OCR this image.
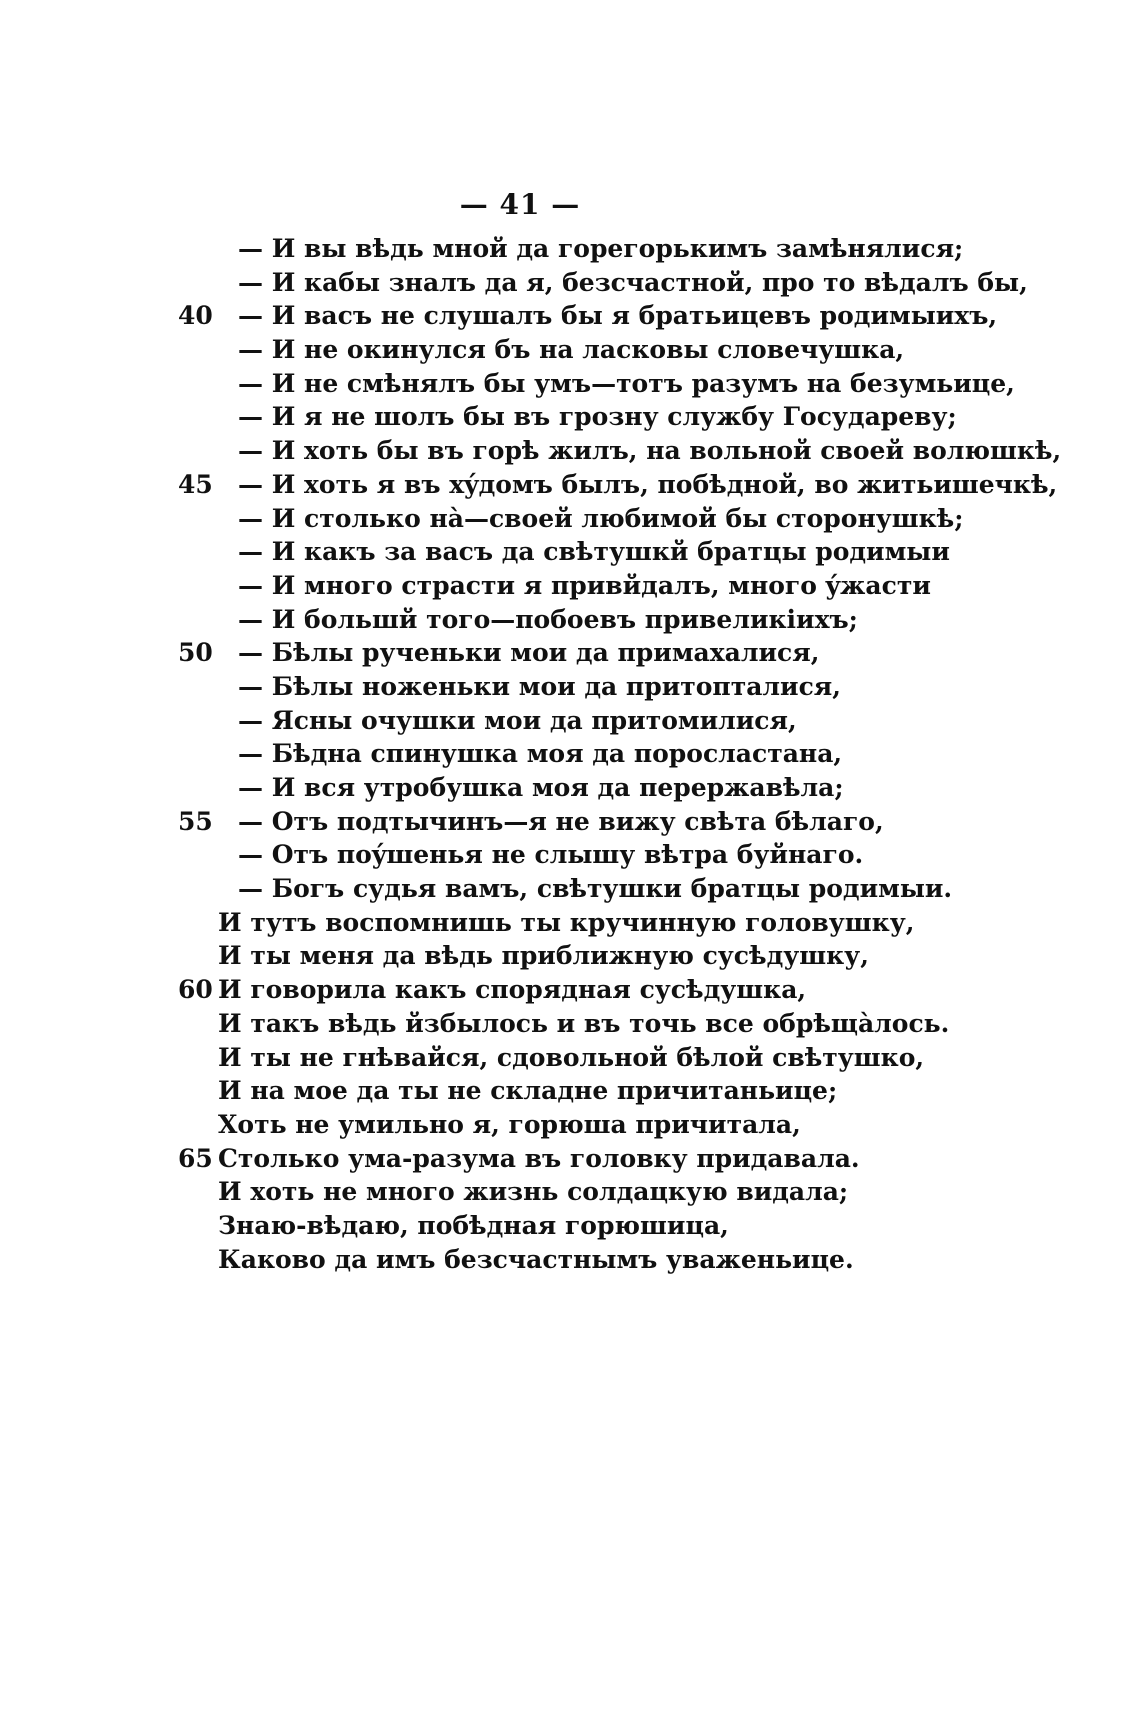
— 41 —
— И вы вѣдь мной да горегорькимъ замѣнялися;
— И кабы зналъ да я, безсчастной, про то вѣдалъ бы,
40	— И васъ не слушалъ бы я братьицевъ родимыихъ,
— И не окинулся бъ на ласковы словечушка,
— И не смѣнялъ бы умъ—тотъ разумъ на безумьице,
— И я не шолъ бы въ грозну службу Государеву;
— И хоть бы въ горѣ жилъ, на вольной своей волюшкѣ,
45	— И хоть я въ хýдомъ былъ, побѣдной, во житьишечкѣ,
— И столько нà—своей любимой бы сторонушкѣ;
— И какъ за васъ да свѣтушкй братцы родимыи
— И много страсти я привйдалъ, много ýжасти
— И большй того—побоевъ привеликіихъ;
50	— Бѣлы рученьки мои да примахалися,
— Бѣлы ноженьки мои да притопталися,
— Ясны очушки мои да притомилися,
— Бѣдна спинушка моя да поросластана,
— И вся утробушка моя да перержавѣла;
55	— Отъ подтычинъ—я не вижу свѣта бѣлаго,
— Отъ поýшенья не слышу вѣтра буйнаго.
— Богъ судья вамъ, свѣтушки братцы родимыи.
И тутъ воспомнишь ты кручинную головушку,
И ты меня да вѣдь приближную сусѣдушку,
60 И говорила какъ спорядная сусѣдушка,
И такъ вѣдь йзбылось и въ точь все обрѣщàлось.
И ты не гнѣвайся, сдовольной бѣлой свѣтушко,
И на мое да ты не складне причитаньице;
Хоть не умильно я, горюша причитала,
65 Столько ума-разума въ головку придавала.
И хоть не много жизнь солдацкую видала;
Знаю-вѣдаю, побѣдная горюшица,
Каково да имъ безсчастнымъ уваженьице.
